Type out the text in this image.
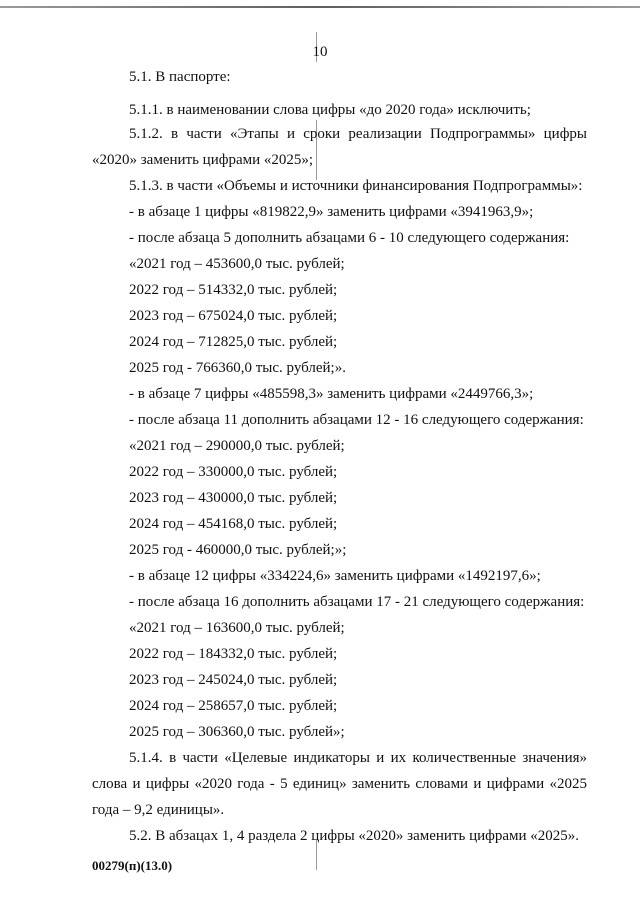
10
5.1. В паспорте:
5.1.1. в наименовании слова цифры «до 2020 года» исключить;
5.1.2. в части «Этапы и сроки реализации Подпрограммы» цифры
«2020» заменить цифрами «2025»;
5.1.3. в части «Объемы и источники финансирования Подпрограммы»:
- в абзаце 1 цифры «819822,9» заменить цифрами «3941963,9»;
- после абзаца 5 дополнить абзацами 6 - 10 следующего содержания:
«2021 год – 453600,0 тыс. рублей;
2022 год – 514332,0 тыс. рублей;
2023 год – 675024,0 тыс. рублей;
2024 год – 712825,0 тыс. рублей;
2025 год - 766360,0 тыс. рублей;».
- в абзаце 7 цифры «485598,3» заменить цифрами «2449766,3»;
- после абзаца 11 дополнить абзацами 12 - 16 следующего содержания:
«2021 год – 290000,0 тыс. рублей;
2022 год – 330000,0 тыс. рублей;
2023 год – 430000,0 тыс. рублей;
2024 год – 454168,0 тыс. рублей;
2025 год - 460000,0 тыс. рублей;»;
- в абзаце 12 цифры «334224,6» заменить цифрами «1492197,6»;
- после абзаца 16 дополнить абзацами 17 - 21 следующего содержания:
«2021 год – 163600,0 тыс. рублей;
2022 год – 184332,0 тыс. рублей;
2023 год – 245024,0 тыс. рублей;
2024 год – 258657,0 тыс. рублей;
2025 год – 306360,0 тыс. рублей»;
5.1.4. в части «Целевые индикаторы и их количественные значения»
слова и цифры «2020 года - 5 единиц» заменить словами и цифрами «2025
года – 9,2 единицы».
5.2. В абзацах 1, 4 раздела 2 цифры «2020» заменить цифрами «2025».
00279(п)(13.0)
